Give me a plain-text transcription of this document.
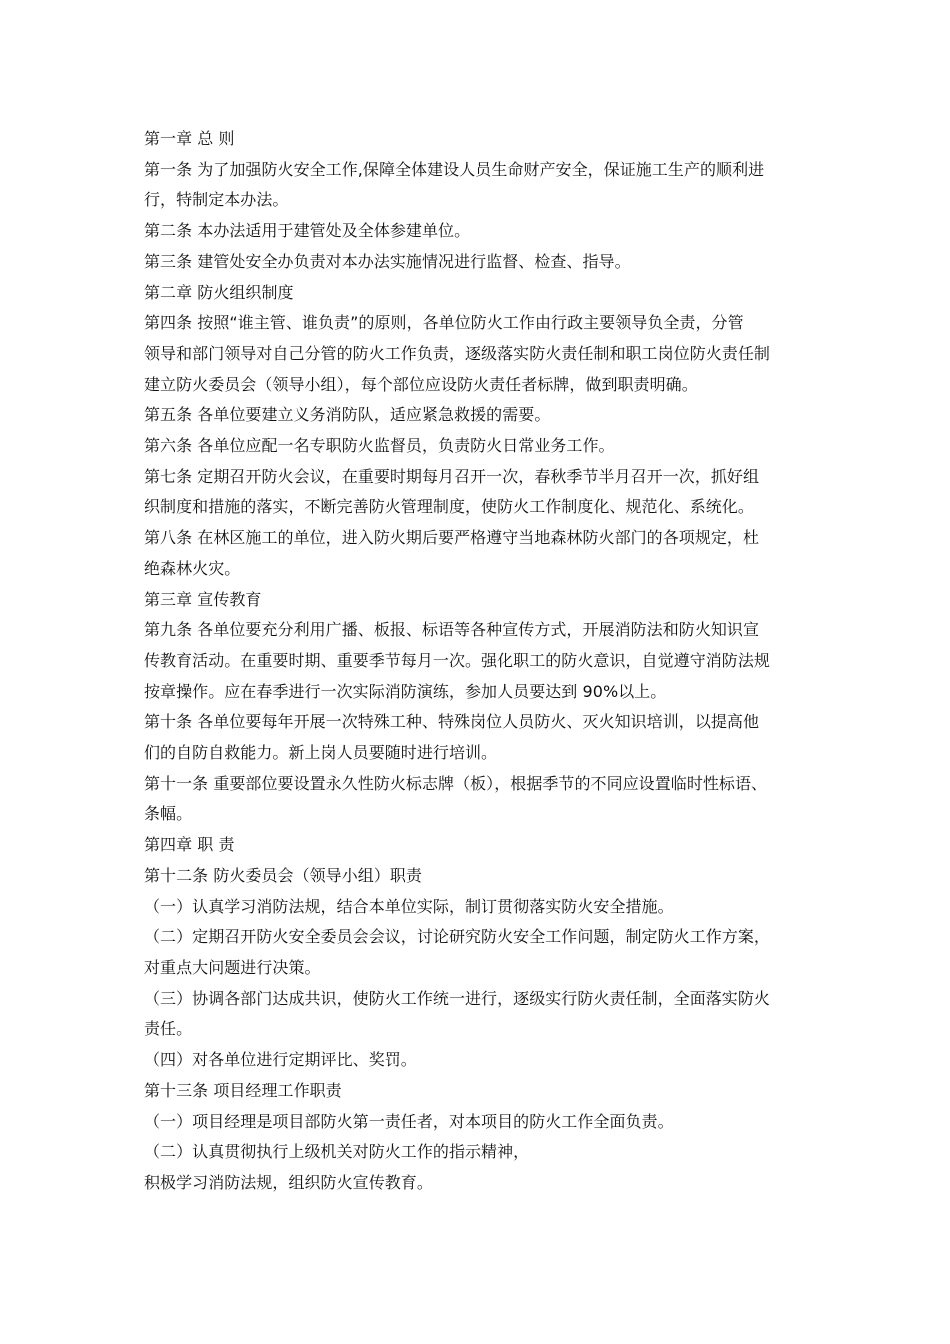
第一章 总 则
第一条 为了加强防火安全工作,保障全体建设人员生命财产安全，保证施工生产的顺利进
行，特制定本办法。
第二条 本办法适用于建管处及全体参建单位。
第三条 建管处安全办负责对本办法实施情况进行监督、检查、指导。
第二章 防火组织制度
第四条 按照“谁主管、谁负责”的原则，各单位防火工作由行政主要领导负全责，分管
领导和部门领导对自己分管的防火工作负责，逐级落实防火责任制和职工岗位防火责任制
建立防火委员会（领导小组），每个部位应设防火责任者标牌，做到职责明确。
第五条 各单位要建立义务消防队，适应紧急救援的需要。
第六条 各单位应配一名专职防火监督员，负责防火日常业务工作。
第七条 定期召开防火会议，在重要时期每月召开一次，春秋季节半月召开一次，抓好组
织制度和措施的落实，不断完善防火管理制度，使防火工作制度化、规范化、系统化。
第八条 在林区施工的单位，进入防火期后要严格遵守当地森林防火部门的各项规定，杜
绝森林火灾。
第三章 宣传教育
第九条 各单位要充分利用广播、板报、标语等各种宣传方式，开展消防法和防火知识宣
传教育活动。在重要时期、重要季节每月一次。强化职工的防火意识，自觉遵守消防法规
按章操作。应在春季进行一次实际消防演练，参加人员要达到 90%以上。
第十条 各单位要每年开展一次特殊工种、特殊岗位人员防火、灭火知识培训，以提高他
们的自防自救能力。新上岗人员要随时进行培训。
第十一条 重要部位要设置永久性防火标志牌（板），根据季节的不同应设置临时性标语、
条幅。
第四章 职 责
第十二条 防火委员会（领导小组）职责
（一）认真学习消防法规，结合本单位实际，制订贯彻落实防火安全措施。
（二）定期召开防火安全委员会会议，讨论研究防火安全工作问题，制定防火工作方案，
对重点大问题进行决策。
（三）协调各部门达成共识，使防火工作统一进行，逐级实行防火责任制，全面落实防火
责任。
（四）对各单位进行定期评比、奖罚。
第十三条 项目经理工作职责
（一）项目经理是项目部防火第一责任者，对本项目的防火工作全面负责。
（二）认真贯彻执行上级机关对防火工作的指示精神，
积极学习消防法规，组织防火宣传教育。
